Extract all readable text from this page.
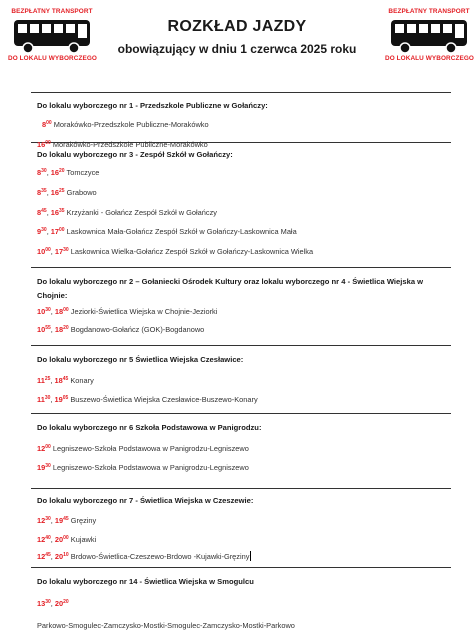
BEZPŁATNY TRANSPORT
DO LOKALU WYBORCZEGO
BEZPŁATNY TRANSPORT
DO LOKALU WYBORCZEGO
ROZKŁAD JAZDY
obowiązujący w dniu 1 czerwca 2025 roku
Do lokalu wyborczego nr 1 - Przedszkole Publiczne w Gołańczy:
$8^{00}$ Morakówko-Przedszkole Publiczne-Morakówko
$16^{00}$ Morakówko-Przedszkole Publiczne-Morakówko
Do lokalu wyborczego nr 3 - Zespół Szkół w Gołańczy:
$8^{30}$, $16^{20}$ Tomczyce
$8^{35}$, $16^{25}$ Grabowo
$8^{45}$, $16^{35}$ Krzyżanki - Gołańcz Zespół Szkół w Gołańczy
$9^{30}$, $17^{00}$ Laskownica Mała-Gołańcz Zespół Szkół w Gołańczy-Laskownica Mała
$10^{00}$, $17^{30}$ Laskownica Wielka-Gołańcz Zespół Szkół w Gołańczy-Laskownica Wielka
Do lokalu wyborczego nr 2 – Gołaniecki Ośrodek Kultury oraz lokalu wyborczego nr 4 - Świetlica Wiejska w Chojnie:
$10^{30}$, $18^{00}$ Jeziorki-Świetlica Wiejska w Chojnie-Jeziorki
$10^{55}$, $18^{20}$ Bogdanowo-Gołańcz (GOK)-Bogdanowo
Do lokalu wyborczego nr 5 Świetlica Wiejska Czesławice:
$11^{25}$, $18^{45}$ Konary
$11^{30}$, $19^{05}$ Buszewo-Świetlica Wiejska Czesławice-Buszewo-Konary
Do lokalu wyborczego nr 6 Szkoła Podstawowa w Panigrodzu:
$12^{00}$ Legniszewo-Szkoła Podstawowa w Panigrodzu-Legniszewo
$19^{30}$ Legniszewo-Szkoła Podstawowa w Panigrodzu-Legniszewo
Do lokalu wyborczego nr 7 - Świetlica Wiejska w Czeszewie:
$12^{30}$, $19^{45}$ Gręziny
$12^{40}$, $20^{00}$ Kujawki
$12^{45}$, $20^{10}$ Brdowo-Świetlica-Czeszewo-Brdowo -Kujawki-Gręziny
Do lokalu wyborczego nr 14 - Świetlica Wiejska w Smogulcu
$13^{30}$, $20^{20}$
Parkowo-Smogulec-Zamczysko-Mostki-Smogulec-Zamczysko-Mostki-Parkowo
